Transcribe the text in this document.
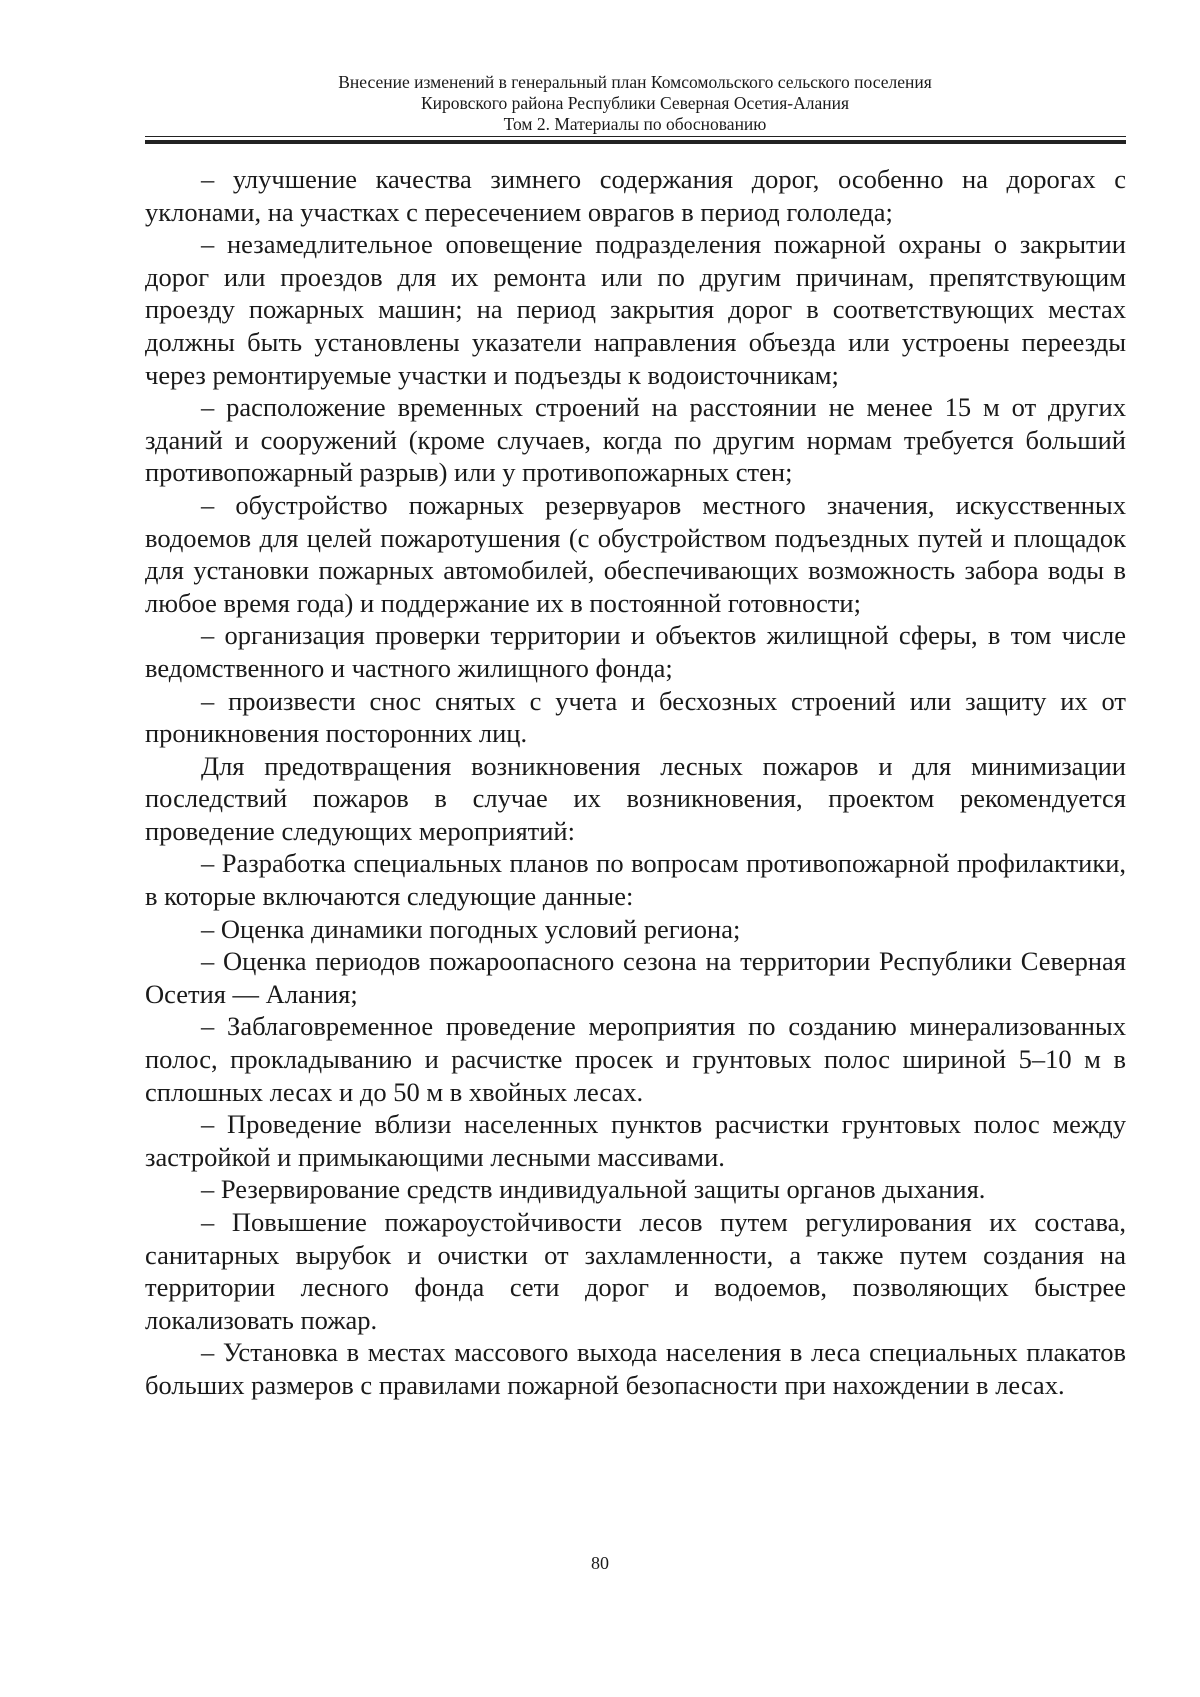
Внесение изменений в генеральный план Комсомольского сельского поселения
Кировского района Республики Северная Осетия-Алания
Том 2. Материалы по обоснованию

– улучшение качества зимнего содержания дорог, особенно на дорогах с уклонами, на участках с пересечением оврагов в период гололеда;

– незамедлительное оповещение подразделения пожарной охраны о закрытии дорог или проездов для их ремонта или по другим причинам, препятствующим проезду пожарных машин; на период закрытия дорог в соответствующих местах должны быть установлены указатели направления объезда или устроены переезды через ремонтируемые участки и подъезды к водоисточникам;

– расположение временных строений на расстоянии не менее 15 м от других зданий и сооружений (кроме случаев, когда по другим нормам требуется больший противопожарный разрыв) или у противопожарных стен;

– обустройство пожарных резервуаров местного значения, искусственных водоемов для целей пожаротушения (с обустройством подъездных путей и площадок для установки пожарных автомобилей, обеспечивающих возможность забора воды в любое время года) и поддержание их в постоянной готовности;

– организация проверки территории и объектов жилищной сферы, в том числе ведомственного и частного жилищного фонда;

– произвести снос снятых с учета и бесхозных строений или защиту их от проникновения посторонних лиц.

Для предотвращения возникновения лесных пожаров и для минимизации последствий пожаров в случае их возникновения, проектом рекомендуется проведение следующих мероприятий:

– Разработка специальных планов по вопросам противопожарной профилактики, в которые включаются следующие данные:

– Оценка динамики погодных условий региона;

– Оценка периодов пожароопасного сезона на территории Республики Северная Осетия — Алания;

– Заблаговременное проведение мероприятия по созданию минерализованных полос, прокладыванию и расчистке просек и грунтовых полос шириной 5–10 м в сплошных лесах и до 50 м в хвойных лесах.

– Проведение вблизи населенных пунктов расчистки грунтовых полос между застройкой и примыкающими лесными массивами.

– Резервирование средств индивидуальной защиты органов дыхания.

– Повышение пожароустойчивости лесов путем регулирования их состава, санитарных вырубок и очистки от захламленности, а также путем создания на территории лесного фонда сети дорог и водоемов, позволяющих быстрее локализовать пожар.

– Установка в местах массового выхода населения в леса специальных плакатов больших размеров с правилами пожарной безопасности при нахождении в лесах.

80
